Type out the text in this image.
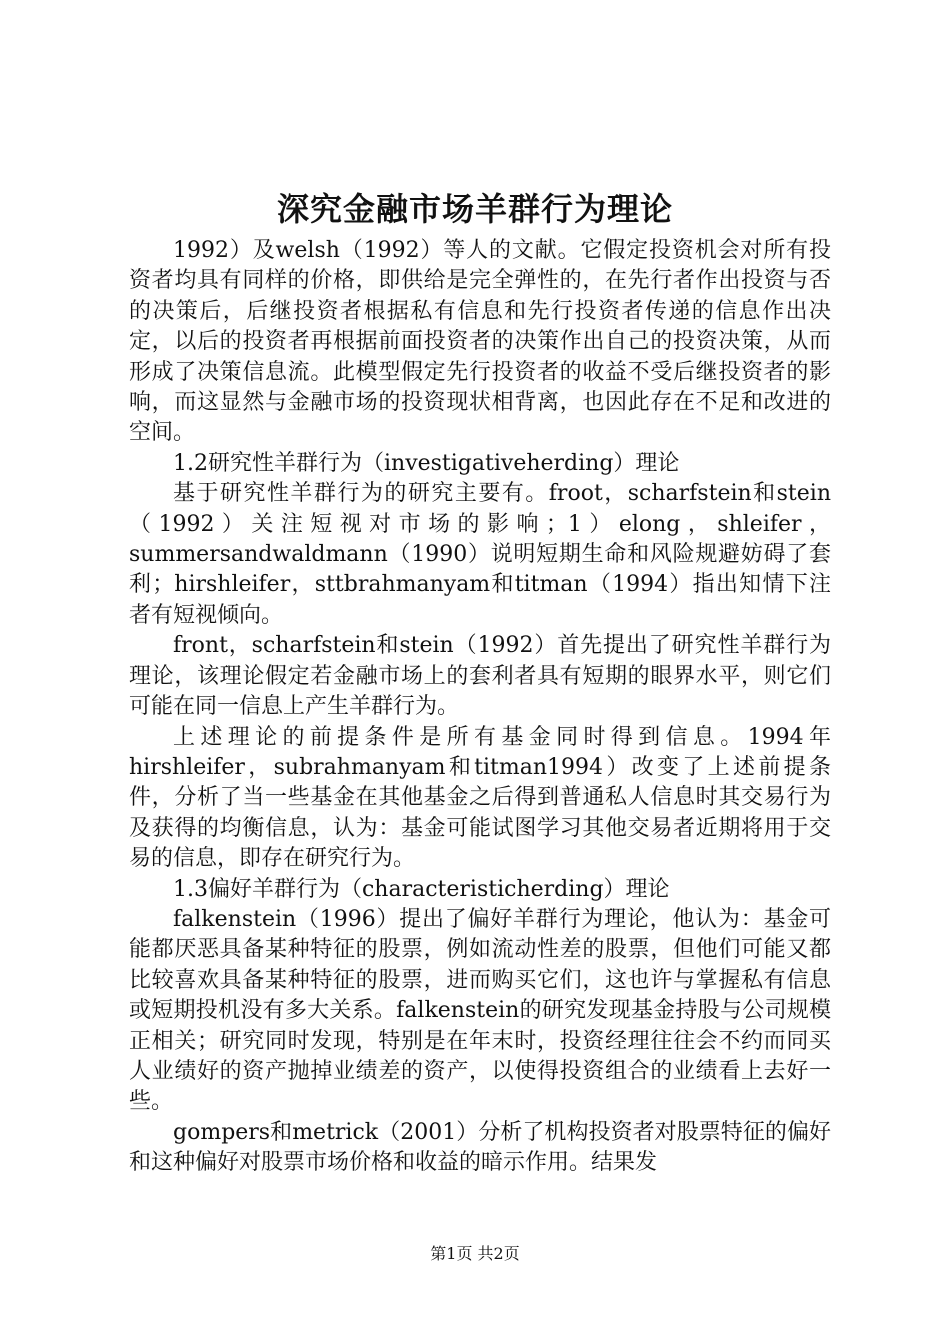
深究金融市场羊群行为理论

1992）及welsh（1992）等人的文献。它假定投资机会对所有投资者均具有同样的价格，即供给是完全弹性的，在先行者作出投资与否的决策后，后继投资者根据私有信息和先行投资者传递的信息作出决定，以后的投资者再根据前面投资者的决策作出自己的投资决策，从而形成了决策信息流。此模型假定先行投资者的收益不受后继投资者的影响，而这显然与金融市场的投资现状相背离，也因此存在不足和改进的空间。

1.2研究性羊群行为（investigativeherding）理论

基于研究性羊群行为的研究主要有。froot，scharfstein和stein（1992）关注短视对市场的影响；1）elong，shleifer，summersandwaldmann（1990）说明短期生命和风险规避妨碍了套利；hirshleifer，sttbrahmanyam和titman（1994）指出知情下注者有短视倾向。

front，scharfstein和stein（1992）首先提出了研究性羊群行为理论，该理论假定若金融市场上的套利者具有短期的眼界水平，则它们可能在同一信息上产生羊群行为。

上述理论的前提条件是所有基金同时得到信息。1994年hirshleifer，subrahmanyam和titman1994）改变了上述前提条件，分析了当一些基金在其他基金之后得到普通私人信息时其交易行为及获得的均衡信息，认为：基金可能试图学习其他交易者近期将用于交易的信息，即存在研究行为。

1.3偏好羊群行为（characteristicherding）理论

falkenstein（1996）提出了偏好羊群行为理论，他认为：基金可能都厌恶具备某种特征的股票，例如流动性差的股票，但他们可能又都比较喜欢具备某种特征的股票，进而购买它们，这也许与掌握私有信息或短期投机没有多大关系。falkenstein的研究发现基金持股与公司规模正相关；研究同时发现，特别是在年末时，投资经理往往会不约而同买人业绩好的资产抛掉业绩差的资产，以使得投资组合的业绩看上去好一些。

gompers和metrick（2001）分析了机构投资者对股票特征的偏好和这种偏好对股票市场价格和收益的暗示作用。结果发

第1页 共2页
